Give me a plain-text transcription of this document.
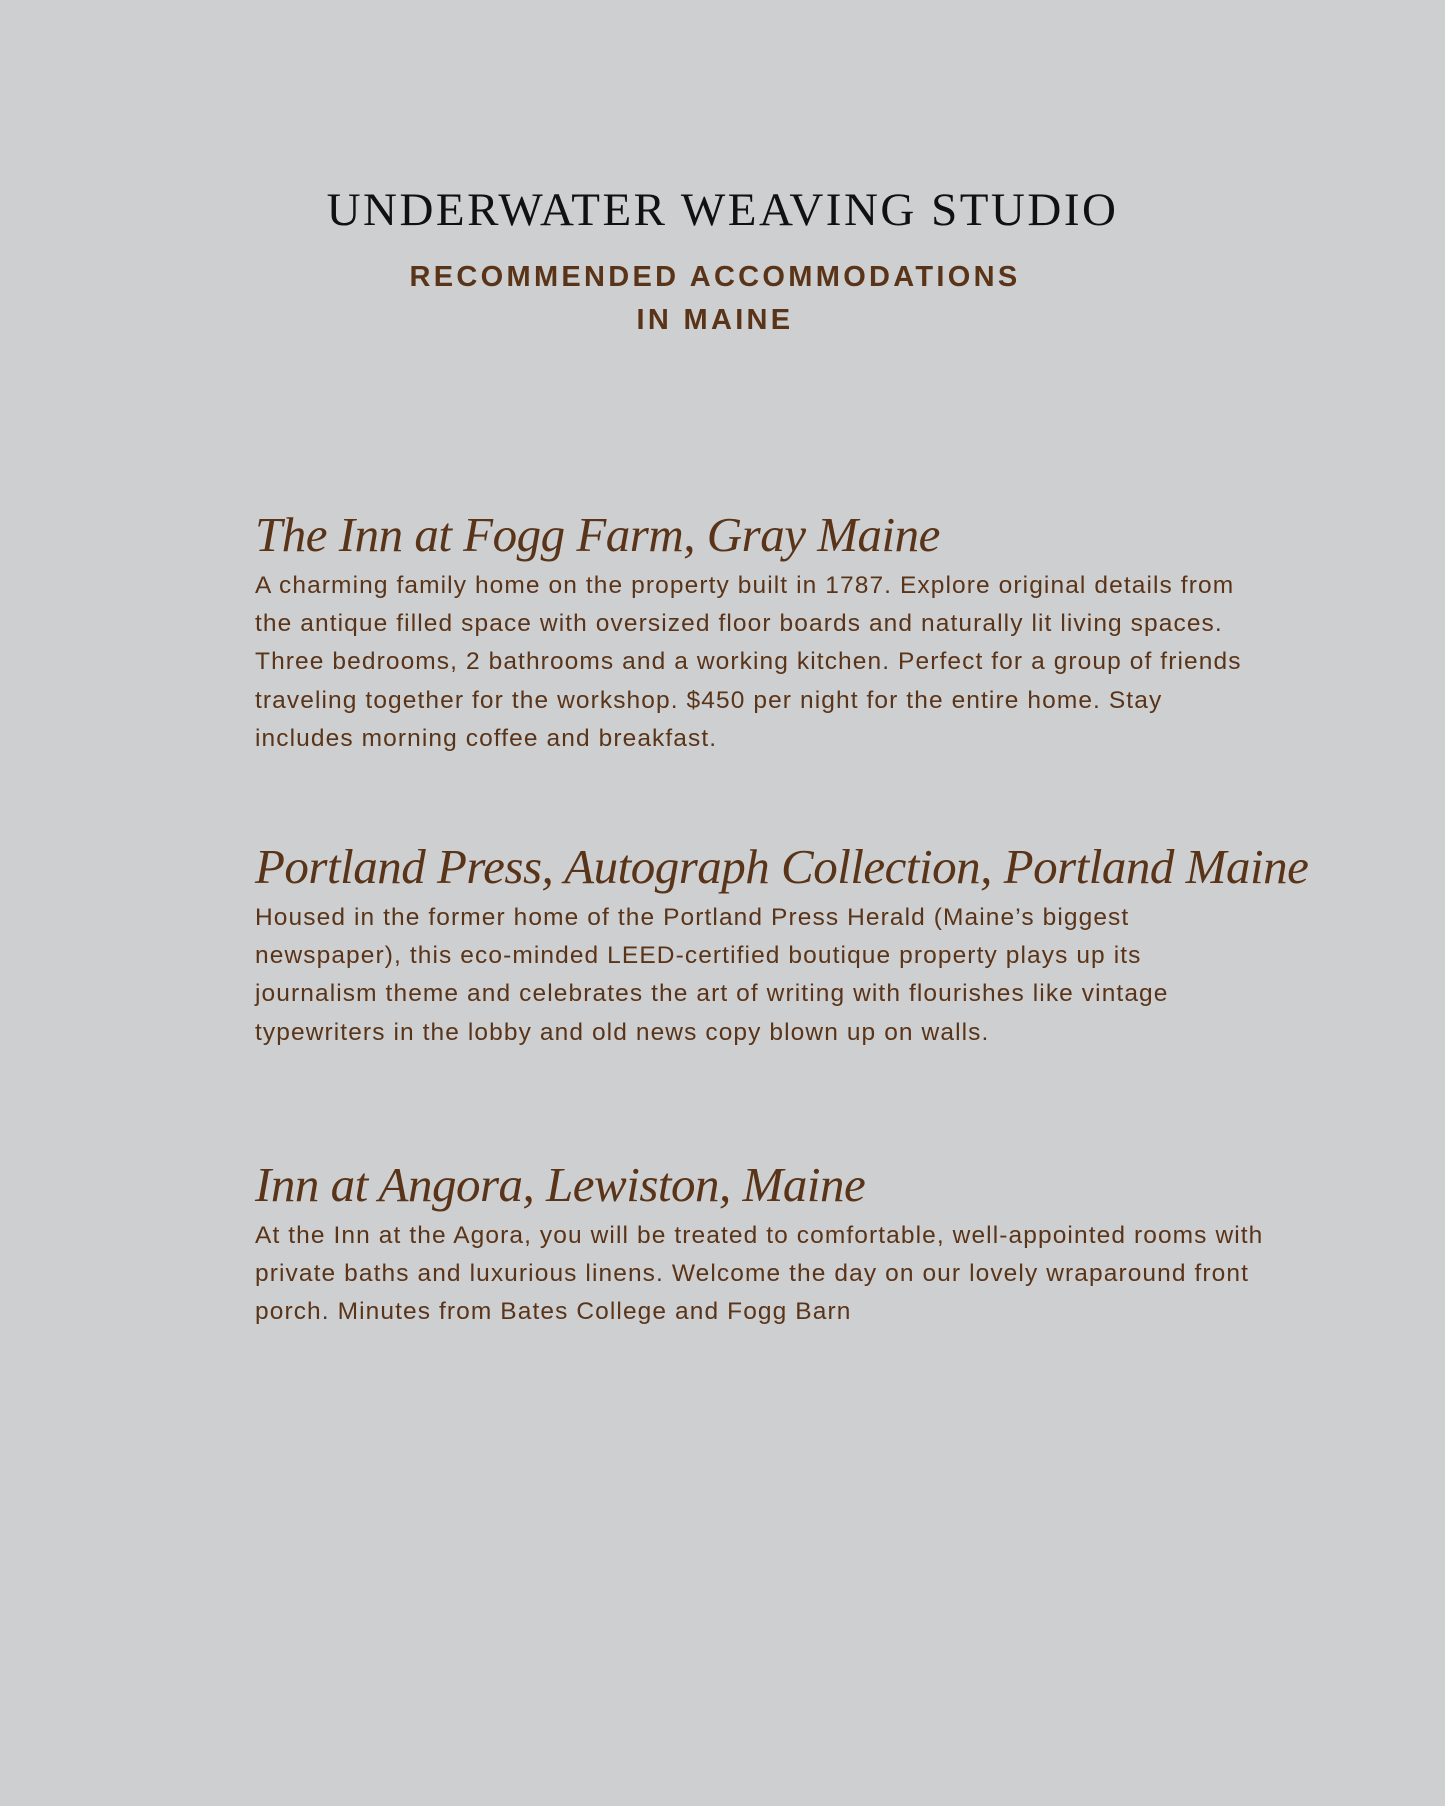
UNDERWATER WEAVING STUDIO
RECOMMENDED ACCOMMODATIONS
IN MAINE
The Inn at Fogg Farm, Gray Maine

A charming family home on the property built in 1787. Explore original details from the antique filled space with oversized floor boards and naturally lit living spaces. Three bedrooms, 2 bathrooms and a working kitchen. Perfect for a group of friends traveling together for the workshop. $450 per night for the entire home. Stay includes morning coffee and breakfast.

Portland Press, Autograph Collection, Portland Maine

Housed in the former home of the Portland Press Herald (Maine’s biggest newspaper), this eco-minded LEED-certified boutique property plays up its journalism theme and celebrates the art of writing with flourishes like vintage typewriters in the lobby and old news copy blown up on walls.

Inn at Angora, Lewiston, Maine

At the Inn at the Agora, you will be treated to comfortable, well-appointed rooms with private baths and luxurious linens. Welcome the day on our lovely wraparound front porch. Minutes from Bates College and Fogg Barn
